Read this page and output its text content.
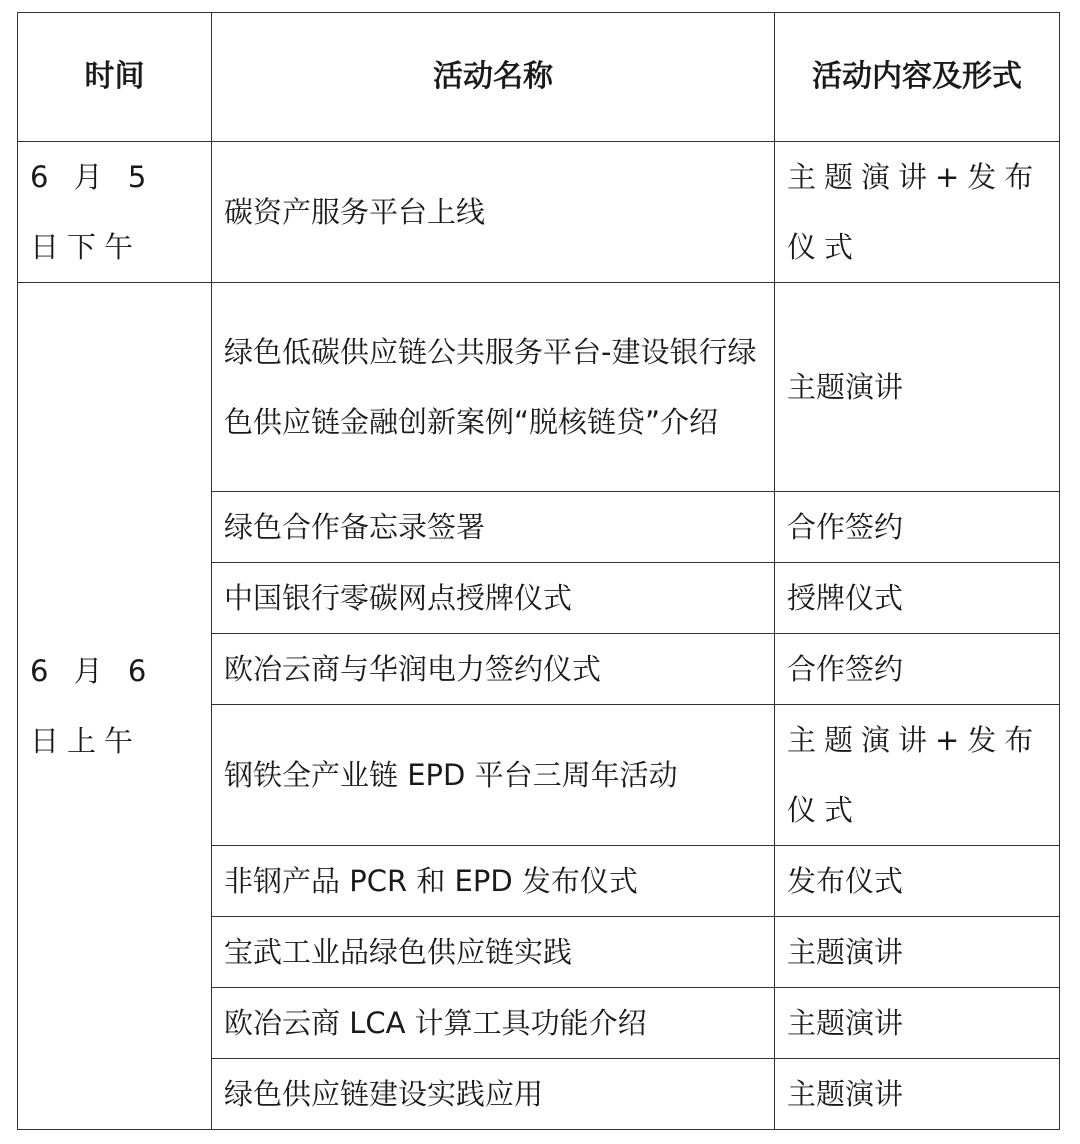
时间	活动名称	活动内容及形式
6 月 5 日下午	碳资产服务平台上线	主题演讲+发布仪式
6 月 6 日上午	绿色低碳供应链公共服务平台-建设银行绿色供应链金融创新案例“脱核链贷”介绍	主题演讲
	绿色合作备忘录签署	合作签约
	中国银行零碳网点授牌仪式	授牌仪式
	欧冶云商与华润电力签约仪式	合作签约
	钢铁全产业链 EPD 平台三周年活动	主题演讲+发布仪式
	非钢产品 PCR 和 EPD 发布仪式	发布仪式
	宝武工业品绿色供应链实践	主题演讲
	欧冶云商 LCA 计算工具功能介绍	主题演讲
	绿色供应链建设实践应用	主题演讲
